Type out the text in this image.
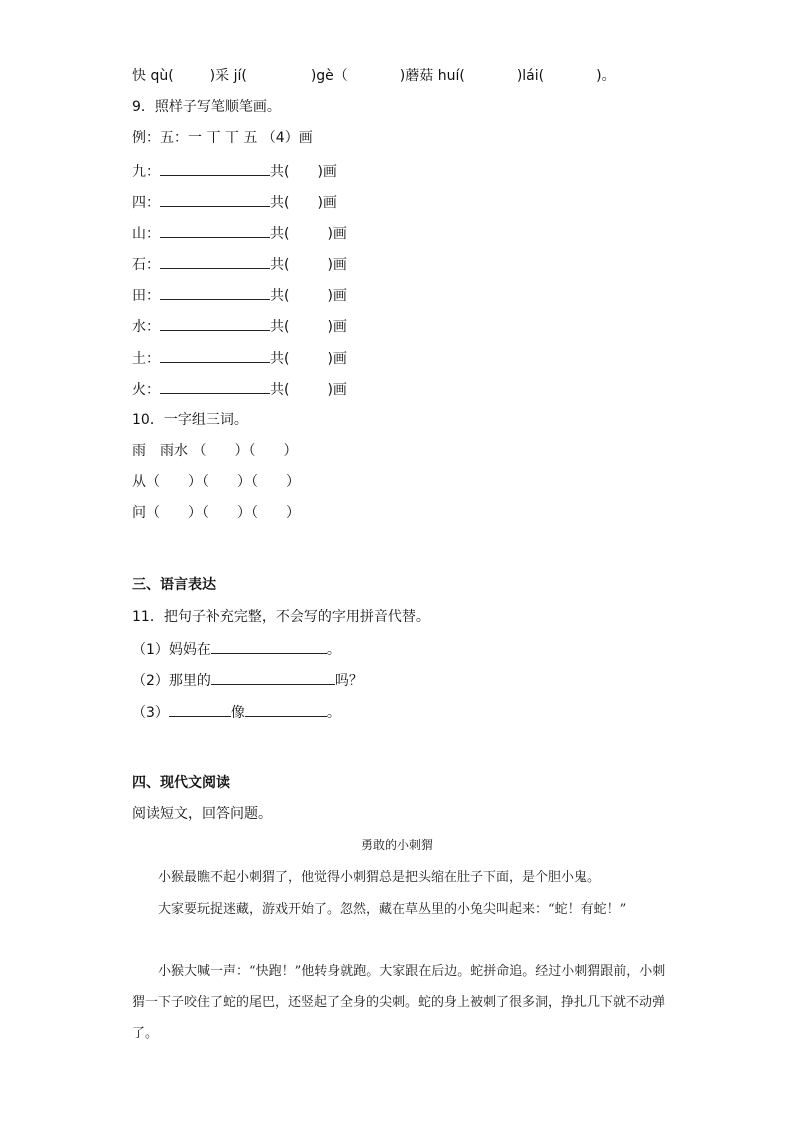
快 qù(	)采 jí(	)gè（	)蘑菇 huí(	)lái(	)。
9．照样子写笔顺笔画。
例：五：一 丅 丅 五 （4）画
九：	共( )画
四：	共( )画
山：	共(	)画
石：	共(	)画
田：	共(	)画
水：	共(	)画
土：	共(	)画
火：	共(	)画
10．一字组三词。
雨　雨水 （　　）（　　）
从（　　）（　　）（　　）
问（　　）（　　）（　　）
三、语言表达
11．把句子补充完整，不会写的字用拼音代替。
（1）妈妈在	。
（2）那里的	吗？
（3）	像	。
四、现代文阅读
阅读短文，回答问题。
勇敢的小刺猬
小猴最瞧不起小刺猬了，他觉得小刺猬总是把头缩在肚子下面，是个胆小鬼。
大家要玩捉迷藏，游戏开始了。忽然，藏在草丛里的小兔尖叫起来：“蛇！有蛇！”
小猴大喊一声：“快跑！”他转身就跑。大家跟在后边。蛇拼命追。经过小刺猬跟前，小刺猬一下子咬住了蛇的尾巴，还竖起了全身的尖刺。蛇的身上被刺了很多洞，挣扎几下就不动弹了。
